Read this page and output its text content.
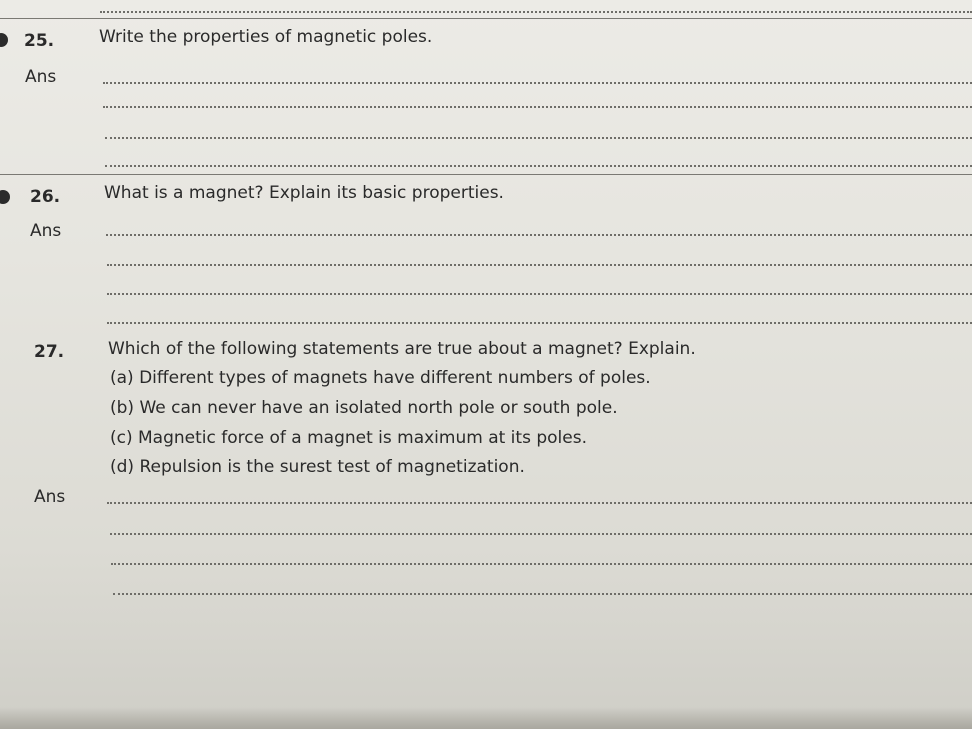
25.	Write the properties of magnetic poles.
Ans
26.	What is a magnet? Explain its basic properties.
Ans
27.	Which of the following statements are true about a magnet? Explain.
(a) Different types of magnets have different numbers of poles.
(b) We can never have an isolated north pole or south pole.
(c) Magnetic force of a magnet is maximum at its poles.
(d) Repulsion is the surest test of magnetization.
Ans
